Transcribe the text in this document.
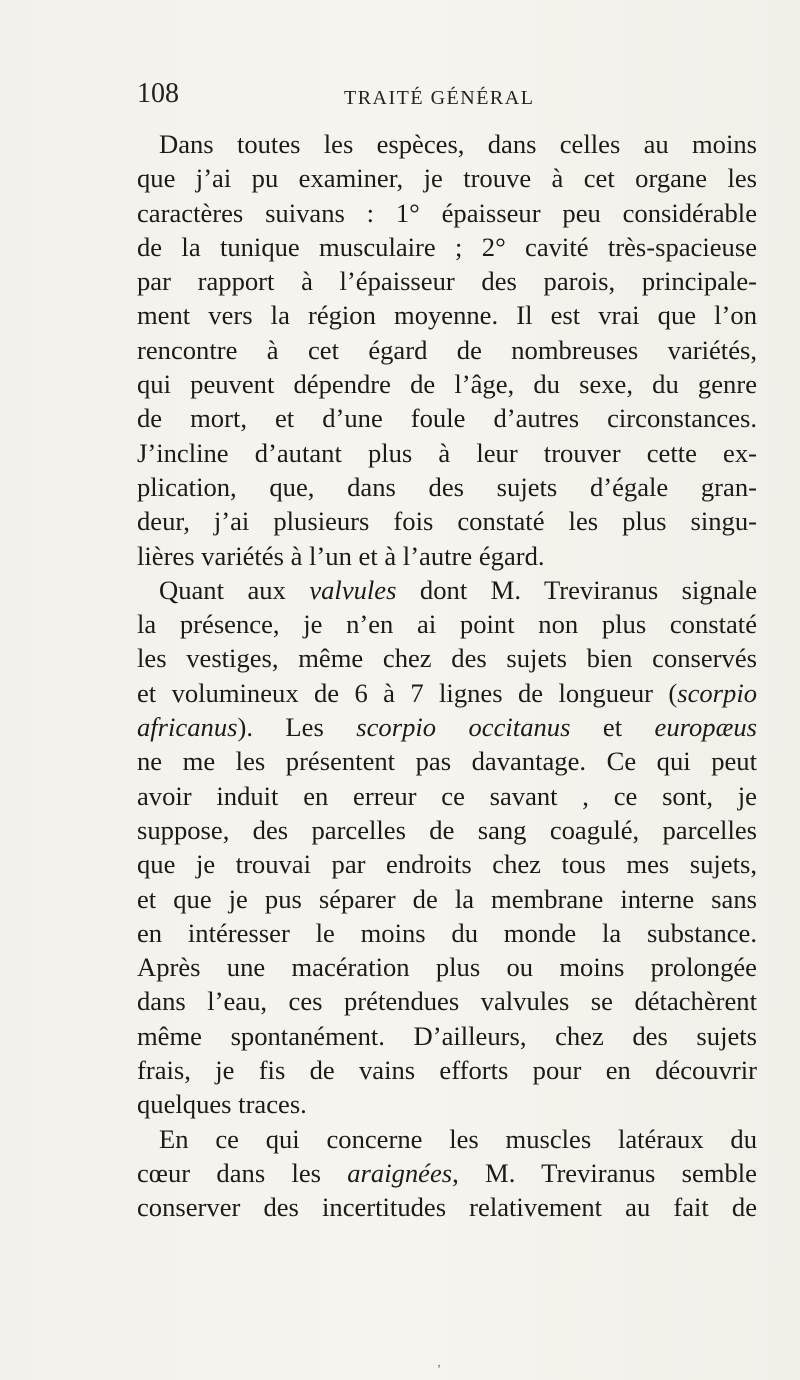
108	TRAITÉ GÉNÉRAL
Dans toutes les espèces, dans celles au moins
que j’ai pu examiner, je trouve à cet organe les
caractères suivans : 1° épaisseur peu considérable
de la tunique musculaire ; 2° cavité très-spacieuse
par rapport à l’épaisseur des parois, principale-
ment vers la région moyenne. Il est vrai que l’on
rencontre à cet égard de nombreuses variétés,
qui peuvent dépendre de l’âge, du sexe, du genre
de mort, et d’une foule d’autres circonstances.
J’incline d’autant plus à leur trouver cette ex-
plication, que, dans des sujets d’égale gran-
deur, j’ai plusieurs fois constaté les plus singu-
lières variétés à l’un et à l’autre égard.
Quant aux valvules dont M. Treviranus signale
la présence, je n’en ai point non plus constaté
les vestiges, même chez des sujets bien conservés
et volumineux de 6 à 7 lignes de longueur (scorpio
africanus). Les scorpio occitanus et europæus
ne me les présentent pas davantage. Ce qui peut
avoir induit en erreur ce savant , ce sont, je
suppose, des parcelles de sang coagulé, parcelles
que je trouvai par endroits chez tous mes sujets,
et que je pus séparer de la membrane interne sans
en intéresser le moins du monde la substance.
Après une macération plus ou moins prolongée
dans l’eau, ces prétendues valvules se détachèrent
même spontanément. D’ailleurs, chez des sujets
frais, je fis de vains efforts pour en découvrir
quelques traces.
En ce qui concerne les muscles latéraux du
cœur dans les araignées, M. Treviranus semble
conserver des incertitudes relativement au fait de
‚
